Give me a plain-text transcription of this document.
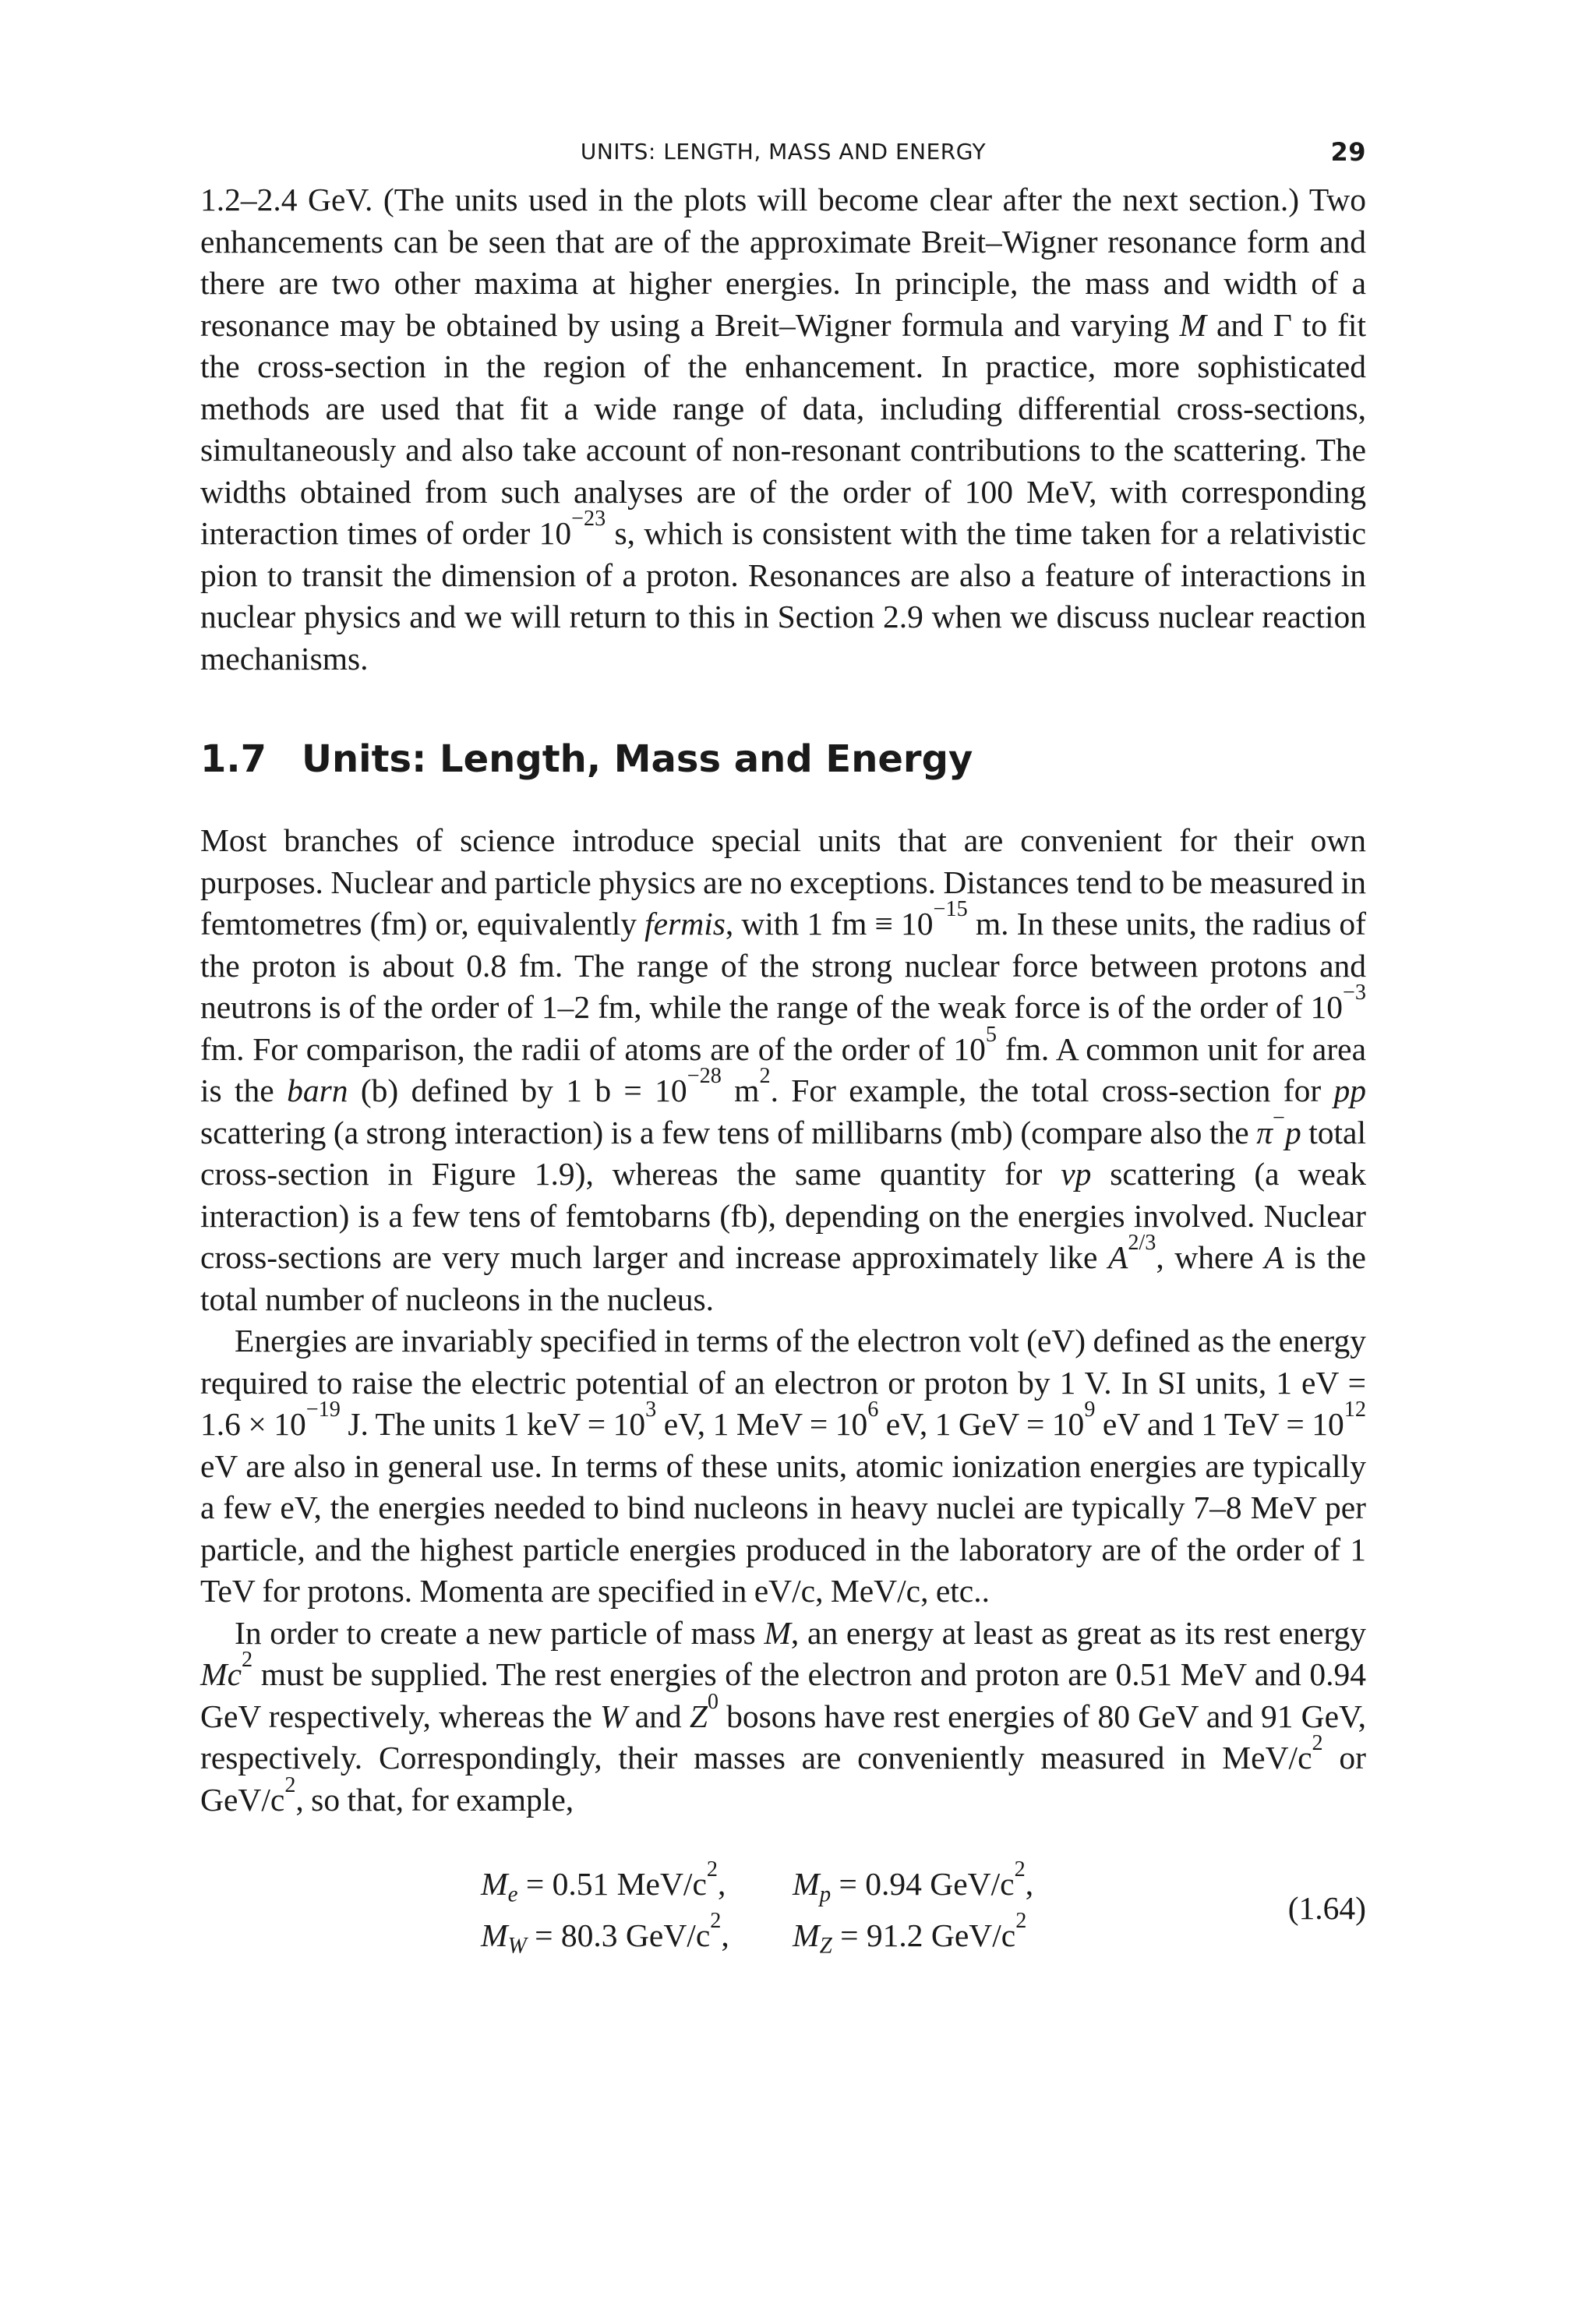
UNITS: LENGTH, MASS AND ENERGY	29

1.2–2.4 GeV. (The units used in the plots will become clear after the next section.) Two enhancements can be seen that are of the approximate Breit–Wigner resonance form and there are two other maxima at higher energies. In principle, the mass and width of a resonance may be obtained by using a Breit–Wigner formula and varying M and Γ to fit the cross-section in the region of the enhancement. In practice, more sophisticated methods are used that fit a wide range of data, including differential cross-sections, simultaneously and also take account of non-resonant contributions to the scattering. The widths obtained from such analyses are of the order of 100 MeV, with corresponding interaction times of order $10^{-23}$ s, which is consistent with the time taken for a relativistic pion to transit the dimension of a proton. Resonances are also a feature of interactions in nuclear physics and we will return to this in Section 2.9 when we discuss nuclear reaction mechanisms.

1.7 Units: Length, Mass and Energy

Most branches of science introduce special units that are convenient for their own purposes. Nuclear and particle physics are no exceptions. Distances tend to be measured in femtometres (fm) or, equivalently fermis, with 1 fm ≡ $10^{-15}$ m. In these units, the radius of the proton is about 0.8 fm. The range of the strong nuclear force between protons and neutrons is of the order of 1–2 fm, while the range of the weak force is of the order of $10^{-3}$ fm. For comparison, the radii of atoms are of the order of $10^5$ fm. A common unit for area is the barn (b) defined by 1 $b = 10^{-28}$ $m^2$. For example, the total cross-section for pp scattering (a strong interaction) is a few tens of millibarns (mb) (compare also the π−p total cross-section in Figure 1.9), whereas the same quantity for νp scattering (a weak interaction) is a few tens of femtobarns (fb), depending on the energies involved. Nuclear cross-sections are very much larger and increase approximately like $A^{2/3}$, where A is the total number of nucleons in the nucleus.

Energies are invariably specified in terms of the electron volt (eV) defined as the energy required to raise the electric potential of an electron or proton by 1 V. In SI units, 1 eV = $1.6 \times 10^{-19}$ J. The units 1 keV = $10^3$ eV, 1 MeV = $10^6$ eV, 1 GeV = $10^9$ eV and 1 TeV = $10^{12}$ eV are also in general use. In terms of these units, atomic ionization energies are typically a few eV, the energies needed to bind nucleons in heavy nuclei are typically 7–8 MeV per particle, and the highest particle energies produced in the laboratory are of the order of 1 TeV for protons. Momenta are specified in eV/c, MeV/c, etc..

In order to create a new particle of mass M, an energy at least as great as its rest energy Mc$^2$ must be supplied. The rest energies of the electron and proton are 0.51 MeV and 0.94 GeV respectively, whereas the W and $Z^0$ bosons have rest energies of 80 GeV and 91 GeV, respectively. Correspondingly, their masses are conveniently measured in MeV/$c^2$ or GeV/$c^2$, so that, for example,

$M_e = 0.51$ MeV/$c^2$, $M_p = 0.94$ GeV/$c^2$,
$M_W = 80.3$ GeV/$c^2$, $M_Z = 91.2$ GeV/$c^2$	(1.64)
